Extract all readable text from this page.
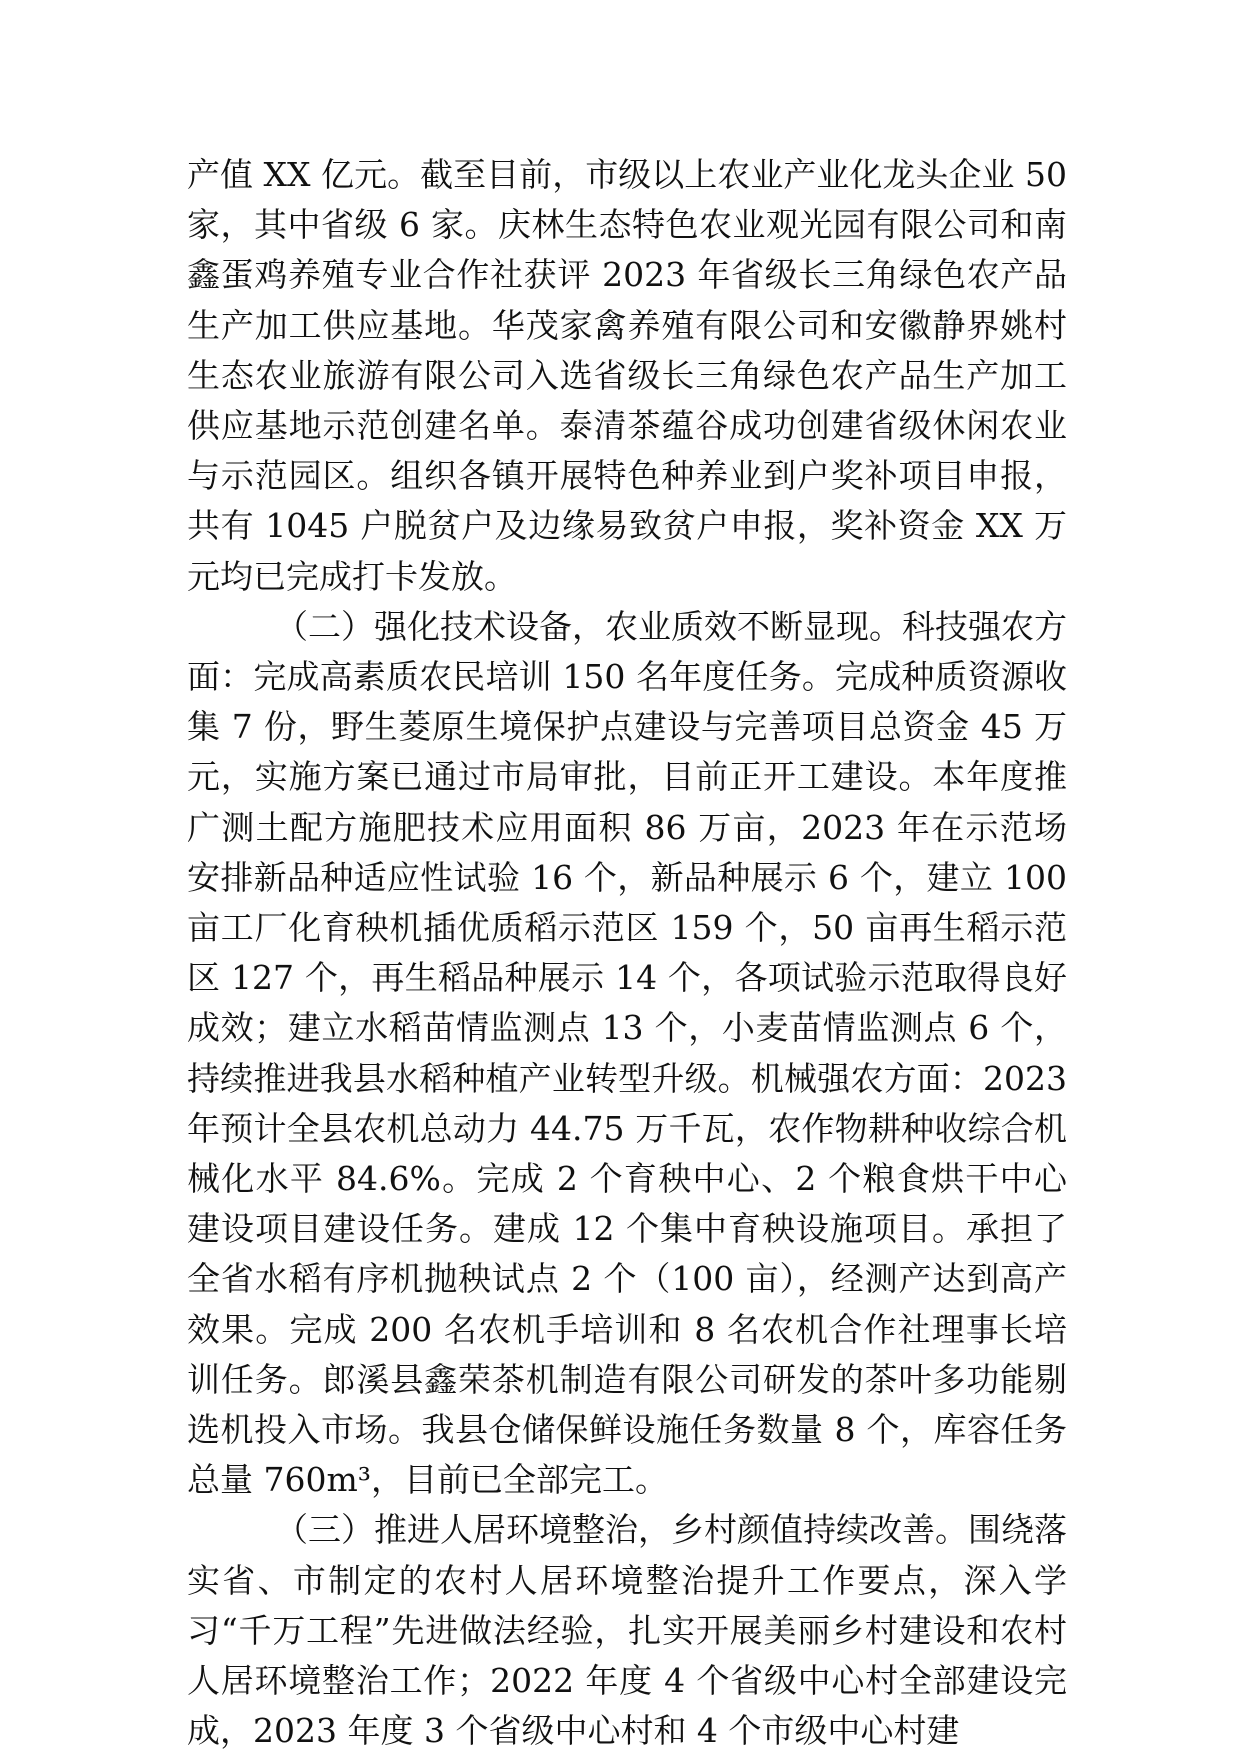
产值 XX 亿元。截至目前，市级以上农业产业化龙头企业 50 家，其中省级 6 家。庆林生态特色农业观光园有限公司和南鑫蛋鸡养殖专业合作社获评 2023 年省级长三角绿色农产品生产加工供应基地。华茂家禽养殖有限公司和安徽静界姚村生态农业旅游有限公司入选省级长三角绿色农产品生产加工供应基地示范创建名单。泰清茶蕴谷成功创建省级休闲农业与示范园区。组织各镇开展特色种养业到户奖补项目申报，共有 1045 户脱贫户及边缘易致贫户申报，奖补资金 XX 万元均已完成打卡发放。

（二）强化技术设备，农业质效不断显现。科技强农方面：完成高素质农民培训 150 名年度任务。完成种质资源收集 7 份，野生菱原生境保护点建设与完善项目总资金 45 万元，实施方案已通过市局审批，目前正开工建设。本年度推广测土配方施肥技术应用面积 86 万亩，2023 年在示范场安排新品种适应性试验 16 个，新品种展示 6 个，建立 100 亩工厂化育秧机插优质稻示范区 159 个，50 亩再生稻示范区 127 个，再生稻品种展示 14 个，各项试验示范取得良好成效；建立水稻苗情监测点 13 个，小麦苗情监测点 6 个，持续推进我县水稻种植产业转型升级。机械强农方面：2023 年预计全县农机总动力 44.75 万千瓦，农作物耕种收综合机械化水平 84.6%。完成 2 个育秧中心、2 个粮食烘干中心建设项目建设任务。建成 12 个集中育秧设施项目。承担了全省水稻有序机抛秧试点 2 个（100 亩），经测产达到高产效果。完成 200 名农机手培训和 8 名农机合作社理事长培训任务。郎溪县鑫荣茶机制造有限公司研发的茶叶多功能剔选机投入市场。我县仓储保鲜设施任务数量 8 个，库容任务总量 760m³，目前已全部完工。

（三）推进人居环境整治，乡村颜值持续改善。围绕落实省、市制定的农村人居环境整治提升工作要点，深入学习“千万工程”先进做法经验，扎实开展美丽乡村建设和农村人居环境整治工作；2022 年度 4 个省级中心村全部建设完成，2023 年度 3 个省级中心村和 4 个市级中心村建
